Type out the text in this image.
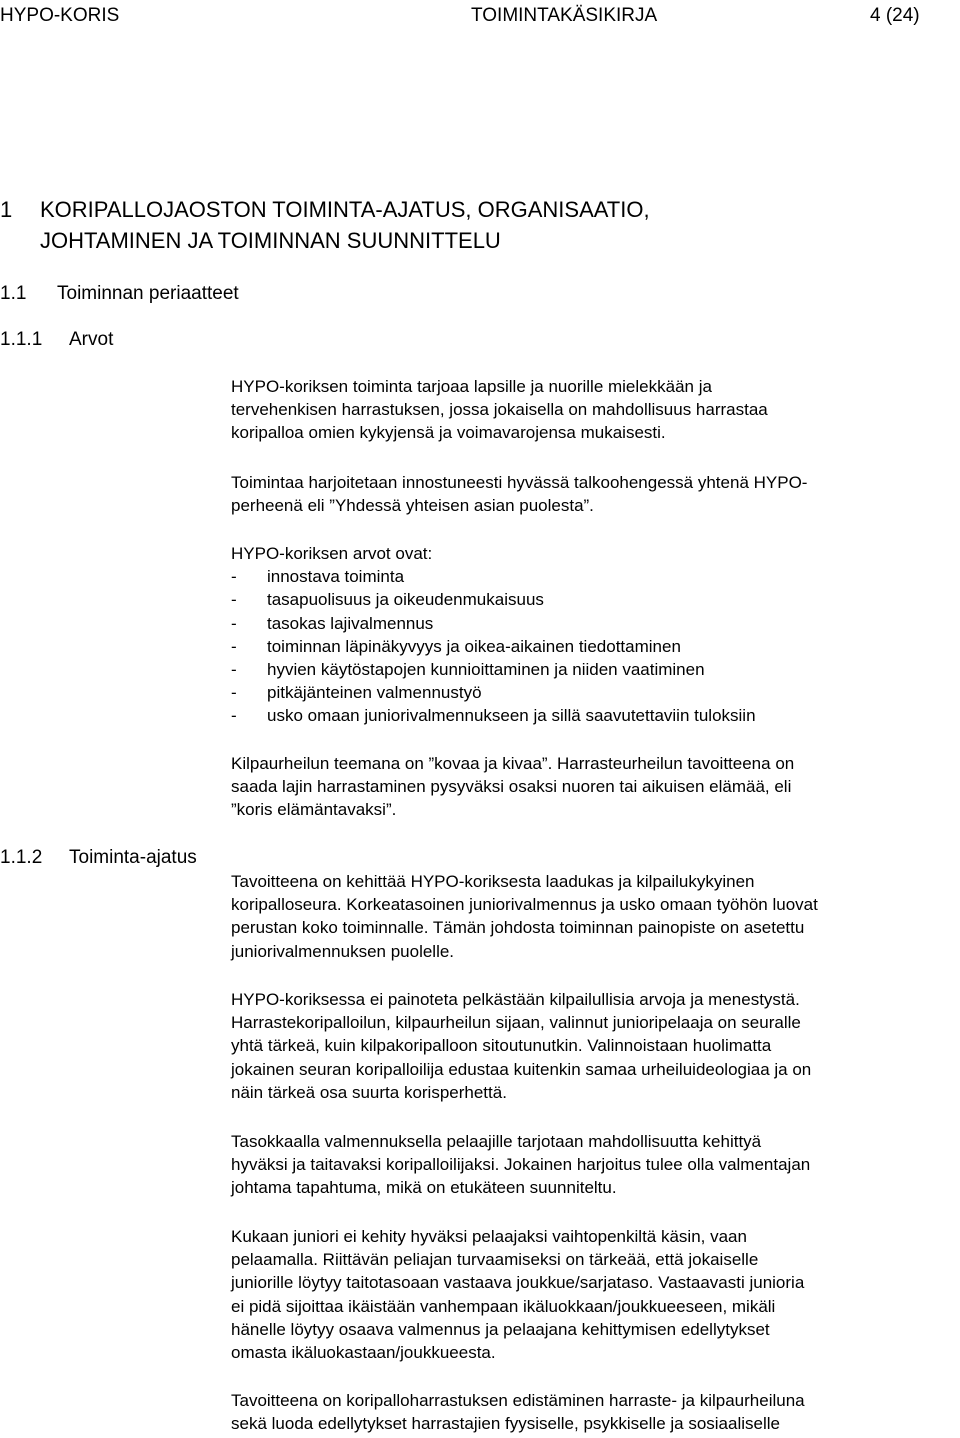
HYPO-KORIS	TOIMINTAKÄSIKIRJA	4 (24)
1 KORIPALLOJAOSTON TOIMINTA-AJATUS, ORGANISAATIO,
JOHTAMINEN JA TOIMINNAN SUUNNITTELU
1.1 Toiminnan periaatteet
1.1.1 Arvot

HYPO-koriksen toiminta tarjoaa lapsille ja nuorille mielekkään ja
tervehenkisen harrastuksen, jossa jokaisella on mahdollisuus harrastaa
koripalloa omien kykyjensä ja voimavarojensa mukaisesti.

Toimintaa harjoitetaan innostuneesti hyvässä talkoohengessä yhtenä HYPO-
perheenä eli ”Yhdessä yhteisen asian puolesta”.

HYPO-koriksen arvot ovat:

- innostava toiminta
- tasapuolisuus ja oikeudenmukaisuus
- tasokas lajivalmennus
- toiminnan läpinäkyvyys ja oikea-aikainen tiedottaminen
- hyvien käytöstapojen kunnioittaminen ja niiden vaatiminen
- pitkäjänteinen valmennustyö
- usko omaan juniorivalmennukseen ja sillä saavutettaviin tuloksiin

Kilpaurheilun teemana on ”kovaa ja kivaa”. Harrasteurheilun tavoitteena on
saada lajin harrastaminen pysyväksi osaksi nuoren tai aikuisen elämää, eli
”koris elämäntavaksi”.

1.1.2 Toiminta-ajatus

Tavoitteena on kehittää HYPO-koriksesta laadukas ja kilpailukykyinen
koripalloseura. Korkeatasoinen juniorivalmennus ja usko omaan työhön luovat
perustan koko toiminnalle. Tämän johdosta toiminnan painopiste on asetettu
juniorivalmennuksen puolelle.

HYPO-koriksessa ei painoteta pelkästään kilpailullisia arvoja ja menestystä.
Harrastekoripalloilun, kilpaurheilun sijaan, valinnut junioripelaaja on seuralle
yhtä tärkeä, kuin kilpakoripalloon sitoutunutkin. Valinnoistaan huolimatta
jokainen seuran koripalloilija edustaa kuitenkin samaa urheiluideologiaa ja on
näin tärkeä osa suurta korisperhettä.

Tasokkaalla valmennuksella pelaajille tarjotaan mahdollisuutta kehittyä
hyväksi ja taitavaksi koripalloilijaksi. Jokainen harjoitus tulee olla valmentajan
johtama tapahtuma, mikä on etukäteen suunniteltu.

Kukaan juniori ei kehity hyväksi pelaajaksi vaihtopenkiltä käsin, vaan
pelaamalla. Riittävän peliajan turvaamiseksi on tärkeää, että jokaiselle
juniorille löytyy taitotasoaan vastaava joukkue/sarjataso. Vastaavasti junioria
ei pidä sijoittaa ikäistään vanhempaan ikäluokkaan/joukkueeseen, mikäli
hänelle löytyy osaava valmennus ja pelaajana kehittymisen edellytykset
omasta ikäluokastaan/joukkueesta.

Tavoitteena on koripalloharrastuksen edistäminen harraste- ja kilpaurheiluna
sekä luoda edellytykset harrastajien fyysiselle, psykkiselle ja sosiaaliselle
